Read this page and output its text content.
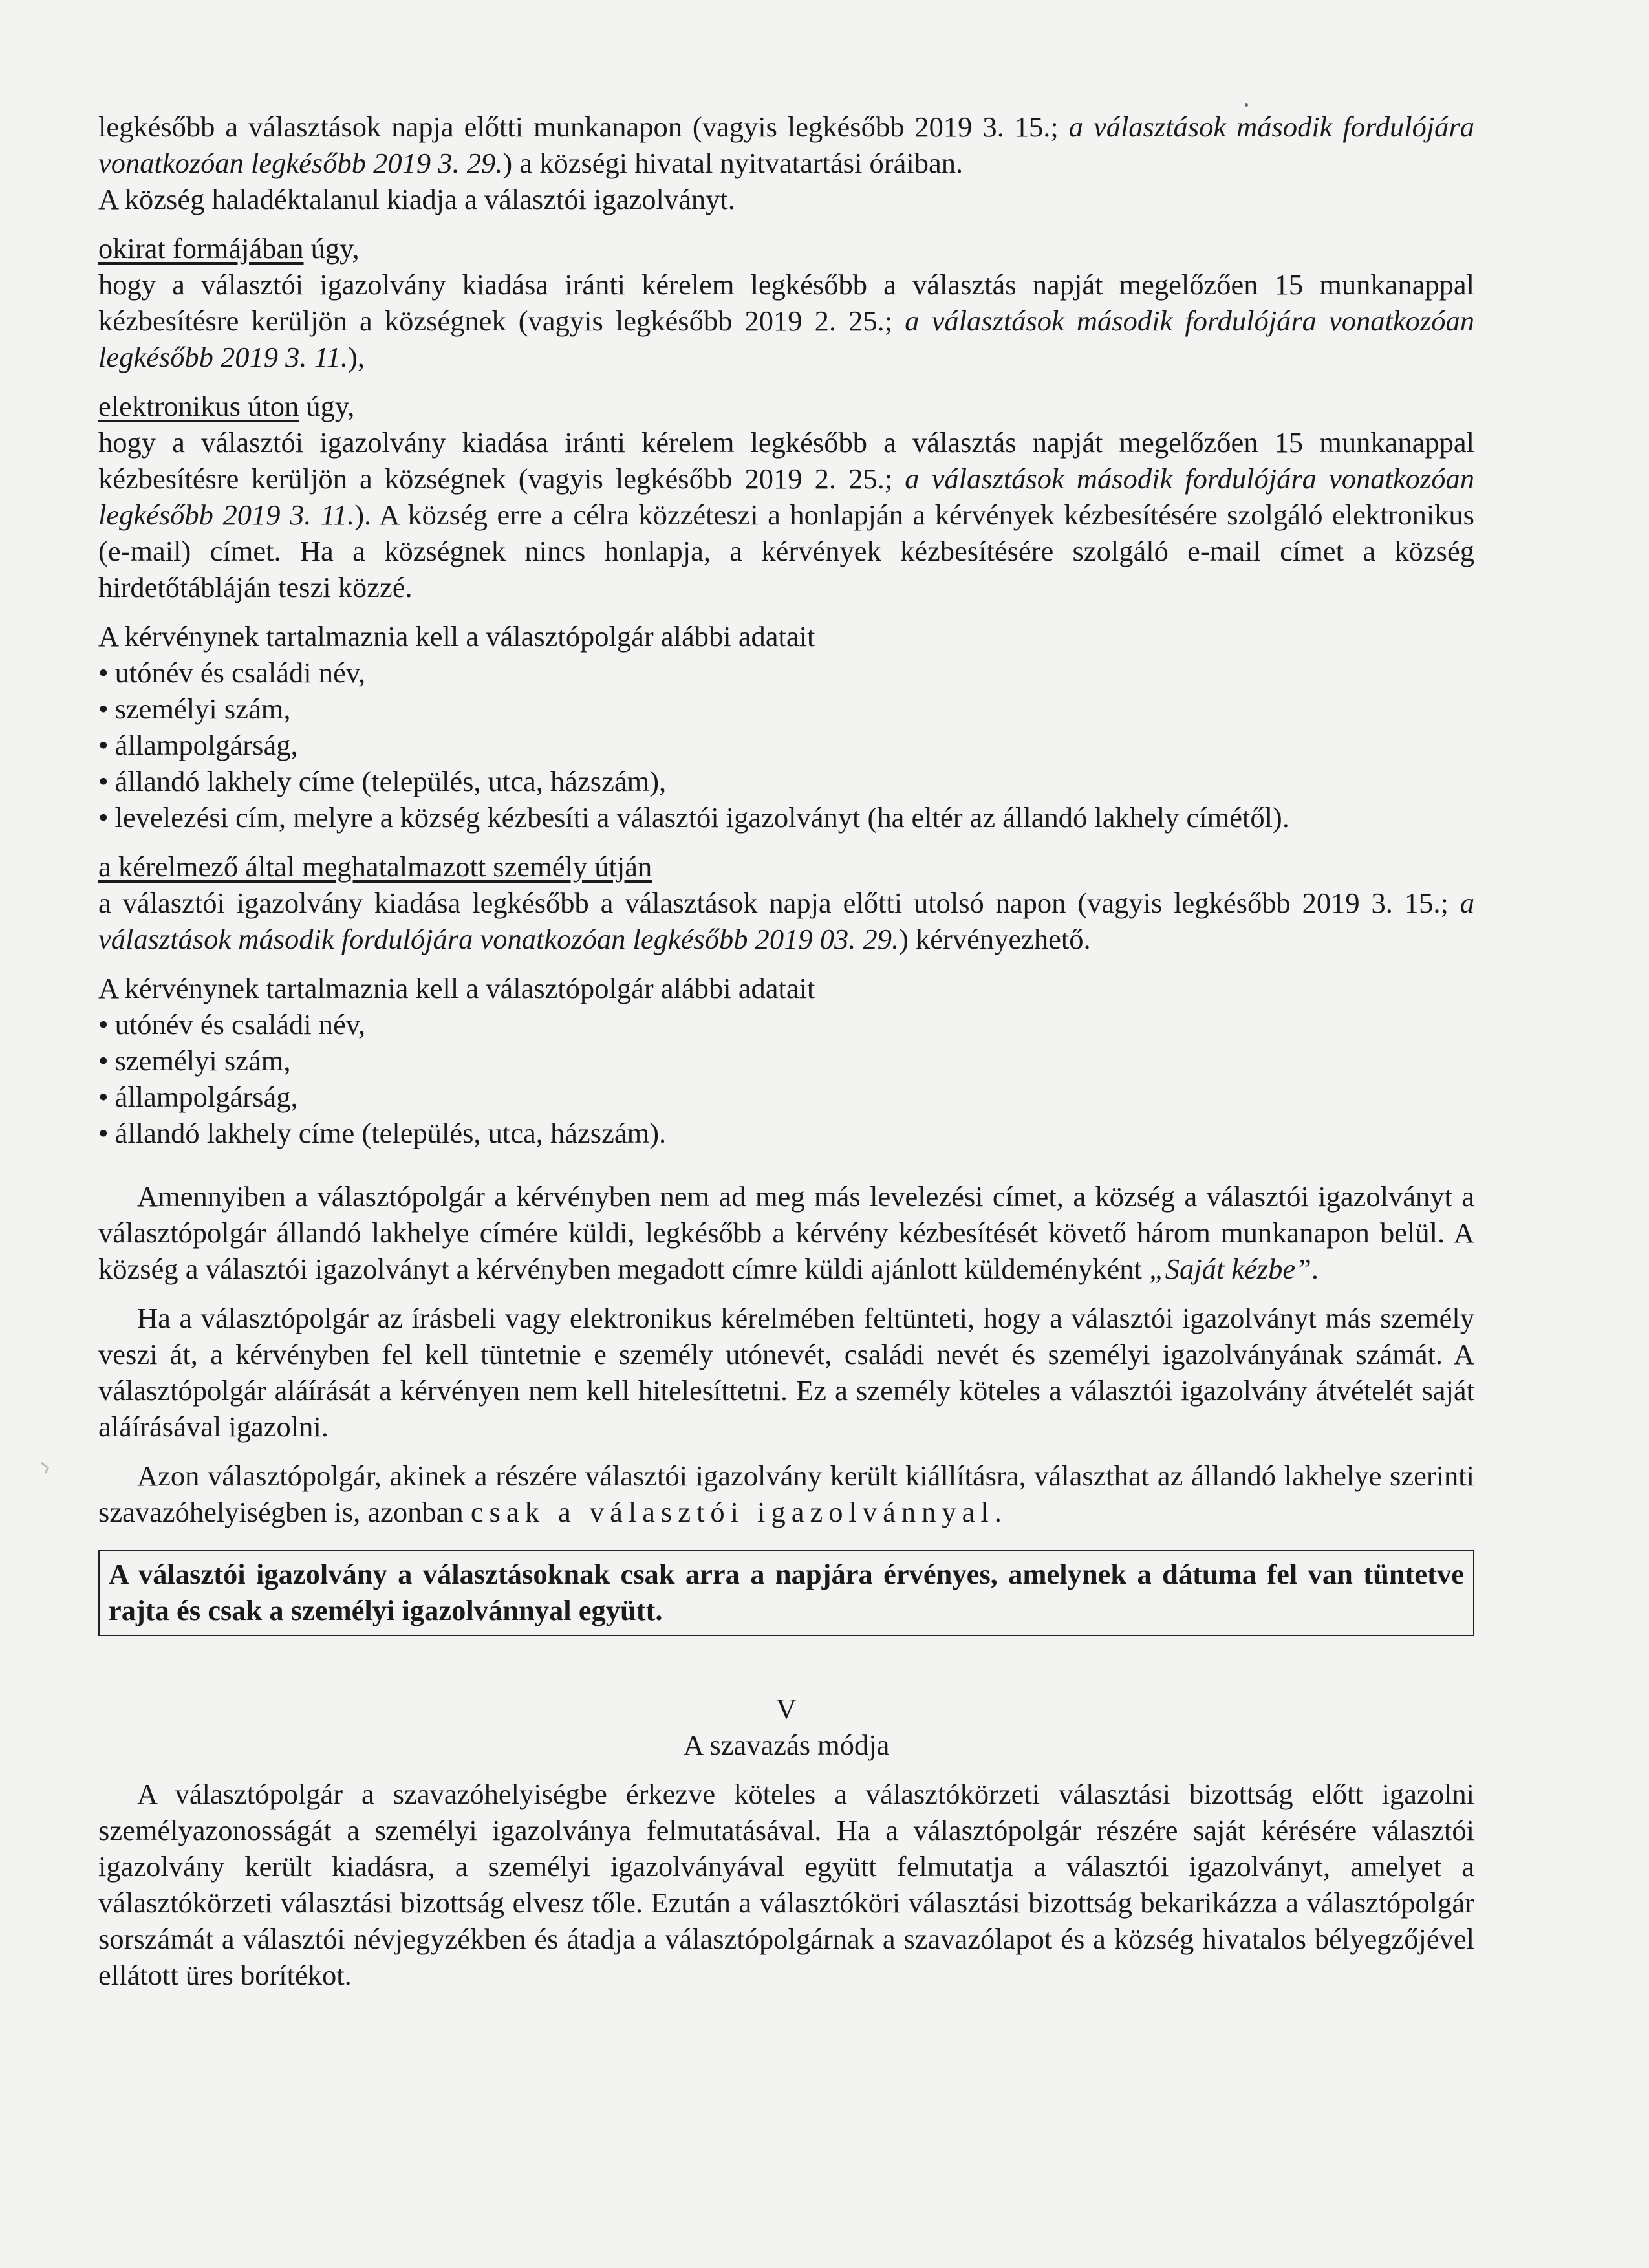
legkésőbb a választások napja előtti munkanapon (vagyis legkésőbb 2019 3. 15.; a választások második fordulójára vonatkozóan legkésőbb 2019 3. 29.) a községi hivatal nyitvatartási óráiban.

A község haladéktalanul kiadja a választói igazolványt.

okirat formájában úgy,

hogy a választói igazolvány kiadása iránti kérelem legkésőbb a választás napját megelőzően 15 munkanappal kézbesítésre kerüljön a községnek (vagyis legkésőbb 2019 2. 25.; a választások második fordulójára vonatkozóan legkésőbb 2019 3. 11.),

elektronikus úton úgy,

hogy a választói igazolvány kiadása iránti kérelem legkésőbb a választás napját megelőzően 15 munkanappal kézbesítésre kerüljön a községnek (vagyis legkésőbb 2019 2. 25.; a választások második fordulójára vonatkozóan legkésőbb 2019 3. 11.). A község erre a célra közzéteszi a honlapján a kérvények kézbesítésére szolgáló elektronikus (e-mail) címet. Ha a községnek nincs honlapja, a kérvények kézbesítésére szolgáló e-mail címet a község hirdetőtábláján teszi közzé.

A kérvénynek tartalmaznia kell a választópolgár alábbi adatait

• utónév és családi név,
• személyi szám,
• állampolgárság,
• állandó lakhely címe (település, utca, házszám),
• levelezési cím, melyre a község kézbesíti a választói igazolványt (ha eltér az állandó lakhely címétől).

a kérelmező által meghatalmazott személy útján

a választói igazolvány kiadása legkésőbb a választások napja előtti utolsó napon (vagyis legkésőbb 2019 3. 15.; a választások második fordulójára vonatkozóan legkésőbb 2019 03. 29.) kérvényezhető.

A kérvénynek tartalmaznia kell a választópolgár alábbi adatait

• utónév és családi név,
• személyi szám,
• állampolgárság,
• állandó lakhely címe (település, utca, házszám).

Amennyiben a választópolgár a kérvényben nem ad meg más levelezési címet, a község a választói igazolványt a választópolgár állandó lakhelye címére küldi, legkésőbb a kérvény kézbesítését követő három munkanapon belül. A község a választói igazolványt a kérvényben megadott címre küldi ajánlott küldeményként „Saját kézbe”.

Ha a választópolgár az írásbeli vagy elektronikus kérelmében feltünteti, hogy a választói igazolványt más személy veszi át, a kérvényben fel kell tüntetnie e személy utónevét, családi nevét és személyi igazolványának számát. A választópolgár aláírását a kérvényen nem kell hitelesíttetni. Ez a személy köteles a választói igazolvány átvételét saját aláírásával igazolni.

Azon választópolgár, akinek a részére választói igazolvány került kiállításra, választhat az állandó lakhelye szerinti szavazóhelyiségben is, azonban csak a választói igazolvánnyal.

A választói igazolvány a választásoknak csak arra a napjára érvényes, amelynek a dátuma fel van tüntetve rajta és csak a személyi igazolvánnyal együtt.

V

A szavazás módja

A választópolgár a szavazóhelyiségbe érkezve köteles a választókörzeti választási bizottság előtt igazolni személyazonosságát a személyi igazolványa felmutatásával. Ha a választópolgár részére saját kérésére választói igazolvány került kiadásra, a személyi igazolványával együtt felmutatja a választói igazolványt, amelyet a választókörzeti választási bizottság elvesz tőle. Ezután a választóköri választási bizottság bekarikázza a választópolgár sorszámát a választói névjegyzékben és átadja a választópolgárnak a szavazólapot és a község hivatalos bélyegzőjével ellátott üres borítékot.
